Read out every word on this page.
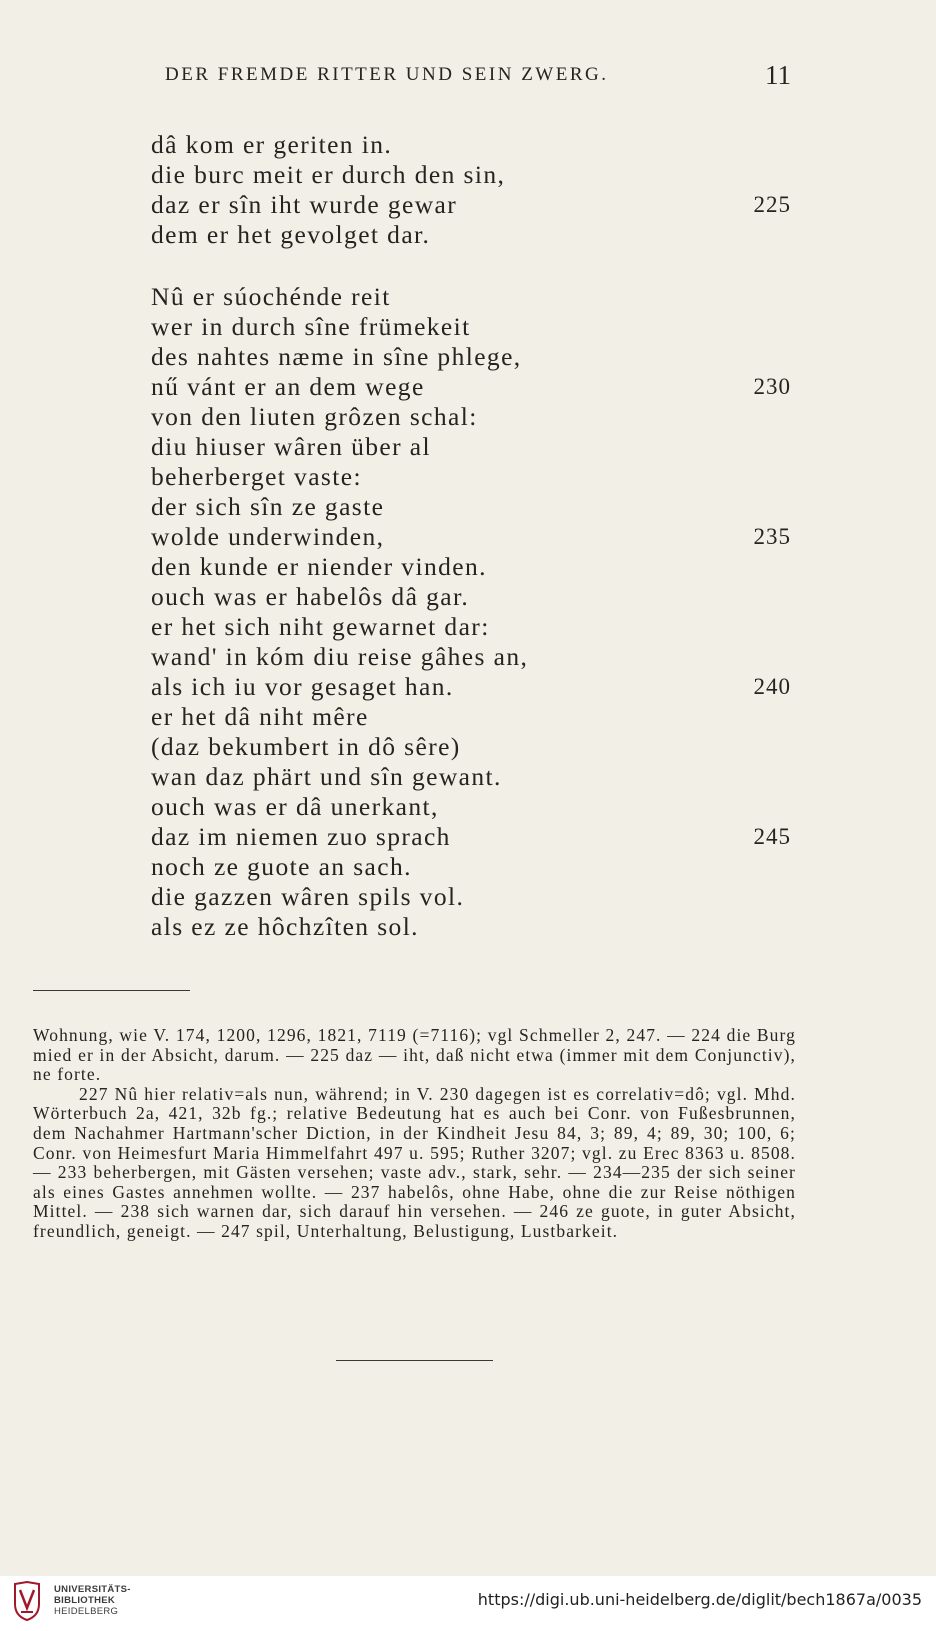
DER FREMDE RITTER UND SEIN ZWERG.	11
dâ kom er geriten in.
die burc meit er durch den sin,
daz er sîn iht wurde gewar	225
dem er het gevolget dar.
Nû er súochénde reit
wer in durch sîne frümekeit
des nahtes næme in sîne phlege,
nű vánt er an dem wege	230
von den liuten grôzen schal:
diu hiuser wâren über al
beherberget vaste:
der sich sîn ze gaste
wolde underwinden,	235
den kunde er niender vinden.
ouch was er habelôs dâ gar.
er het sich niht gewarnet dar:
wand' in kóm diu reise gâhes an,
als ich iu vor gesaget han.	240
er het dâ niht mêre
(daz bekumbert in dô sêre)
wan daz phärt und sîn gewant.
ouch was er dâ unerkant,
daz im niemen zuo sprach	245
noch ze guote an sach.
die gazzen wâren spils vol.
als ez ze hôchzîten sol.

Wohnung, wie V. 174, 1200, 1296, 1821, 7119 (=7116); vgl Schmeller 2, 247. — 224 die Burg mied er in der Absicht, darum. — 225 daz — iht, daß nicht etwa (immer mit dem Conjunctiv), ne forte.

227 Nû hier relativ=als nun, während; in V. 230 dagegen ist es correlativ=dô; vgl. Mhd. Wörterbuch 2a, 421, 32b fg.; relative Bedeutung hat es auch bei Conr. von Fußesbrunnen, dem Nachahmer Hartmann'scher Diction, in der Kindheit Jesu 84, 3; 89, 4; 89, 30; 100, 6; Conr. von Heimesfurt Maria Himmelfahrt 497 u. 595; Ruther 3207; vgl. zu Erec 8363 u. 8508. — 233 beherbergen, mit Gästen versehen; vaste adv., stark, sehr. — 234—235 der sich seiner als eines Gastes annehmen wollte. — 237 habelôs, ohne Habe, ohne die zur Reise nöthigen Mittel. — 238 sich warnen dar, sich darauf hin versehen. — 246 ze guote, in guter Absicht, freundlich, geneigt. — 247 spil, Unterhaltung, Belustigung, Lustbarkeit.

UNIVERSITÄTS-
BIBLIOTHEK
HEIDELBERG
https://digi.ub.uni-heidelberg.de/diglit/bech1867a/0035
